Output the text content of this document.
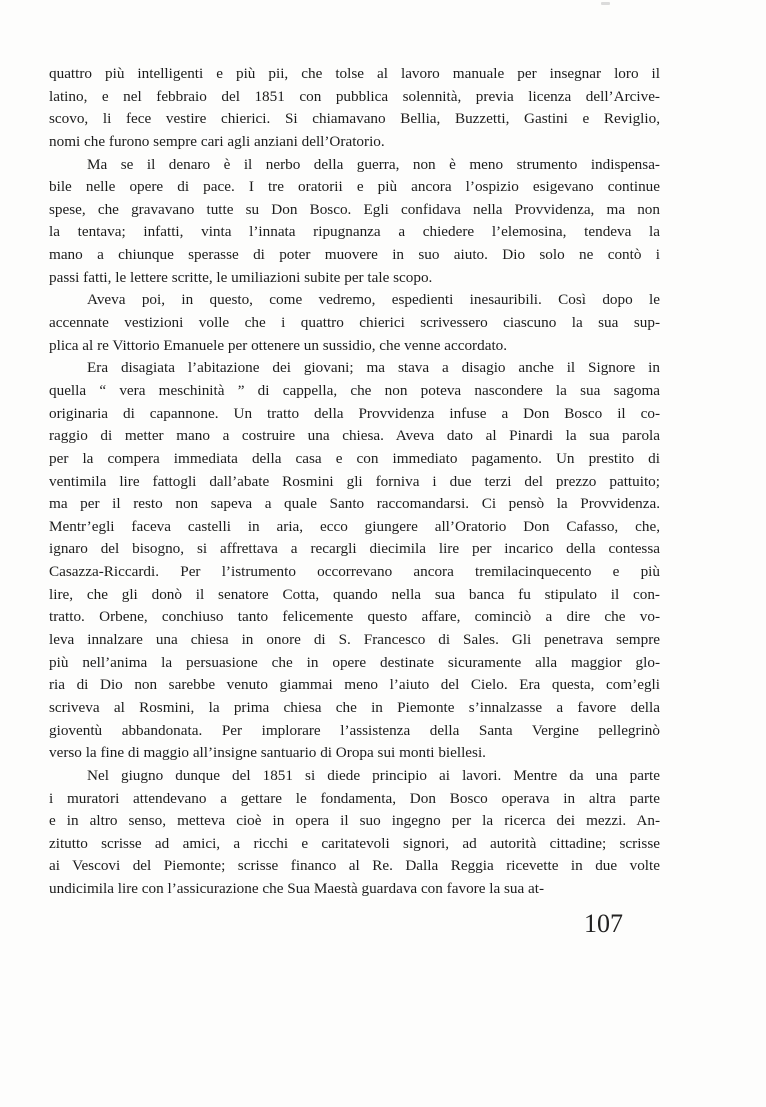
quattro più intelligenti e più pii, che tolse al lavoro manuale per insegnar loro il
latino, e nel febbraio del 1851 con pubblica solennità, previa licenza dell’Arcive-
scovo, li fece vestire chierici. Si chiamavano Bellia, Buzzetti, Gastini e Reviglio,
nomi che furono sempre cari agli anziani dell’Oratorio.
Ma se il denaro è il nerbo della guerra, non è meno strumento indispensa-
bile nelle opere di pace. I tre oratorii e più ancora l’ospizio esigevano continue
spese, che gravavano tutte su Don Bosco. Egli confidava nella Provvidenza, ma non
la tentava; infatti, vinta l’innata ripugnanza a chiedere l’elemosina, tendeva la
mano a chiunque sperasse di poter muovere in suo aiuto. Dio solo ne contò i
passi fatti, le lettere scritte, le umiliazioni subite per tale scopo.
Aveva poi, in questo, come vedremo, espedienti inesauribili. Così dopo le
accennate vestizioni volle che i quattro chierici scrivessero ciascuno la sua sup-
plica al re Vittorio Emanuele per ottenere un sussidio, che venne accordato.
Era disagiata l’abitazione dei giovani; ma stava a disagio anche il Signore in
quella “ vera meschinità ” di cappella, che non poteva nascondere la sua sagoma
originaria di capannone. Un tratto della Provvidenza infuse a Don Bosco il co-
raggio di metter mano a costruire una chiesa. Aveva dato al Pinardi la sua parola
per la compera immediata della casa e con immediato pagamento. Un prestito di
ventimila lire fattogli dall’abate Rosmini gli forniva i due terzi del prezzo pattuito;
ma per il resto non sapeva a quale Santo raccomandarsi. Ci pensò la Provvidenza.
Mentr’egli faceva castelli in aria, ecco giungere all’Oratorio Don Cafasso, che,
ignaro del bisogno, si affrettava a recargli diecimila lire per incarico della contessa
Casazza-Riccardi. Per l’istrumento occorrevano ancora tremilacinquecento e più
lire, che gli donò il senatore Cotta, quando nella sua banca fu stipulato il con-
tratto. Orbene, conchiuso tanto felicemente questo affare, cominciò a dire che vo-
leva innalzare una chiesa in onore di S. Francesco di Sales. Gli penetrava sempre
più nell’anima la persuasione che in opere destinate sicuramente alla maggior glo-
ria di Dio non sarebbe venuto giammai meno l’aiuto del Cielo. Era questa, com’egli
scriveva al Rosmini, la prima chiesa che in Piemonte s’innalzasse a favore della
gioventù abbandonata. Per implorare l’assistenza della Santa Vergine pellegrinò
verso la fine di maggio all’insigne santuario di Oropa sui monti biellesi.
Nel giugno dunque del 1851 si diede principio ai lavori. Mentre da una parte
i muratori attendevano a gettare le fondamenta, Don Bosco operava in altra parte
e in altro senso, metteva cioè in opera il suo ingegno per la ricerca dei mezzi. An-
zitutto scrisse ad amici, a ricchi e caritatevoli signori, ad autorità cittadine; scrisse
ai Vescovi del Piemonte; scrisse financo al Re. Dalla Reggia ricevette in due volte
undicimila lire con l’assicurazione che Sua Maestà guardava con favore la sua at-
107
